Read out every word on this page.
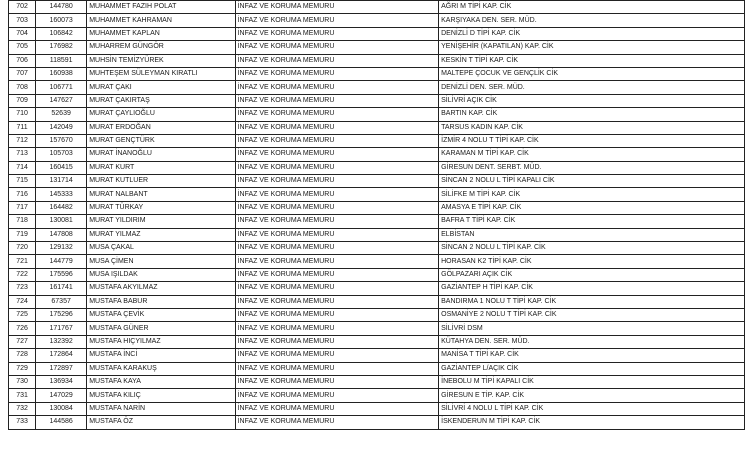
702	144780	MUHAMMET FAZIH POLAT	İNFAZ VE KORUMA MEMURU	AĞRI M TİPİ KAP. CİK
703	160073	MUHAMMET KAHRAMAN	İNFAZ VE KORUMA MEMURU	KARŞIYAKA DEN. SER. MÜD.
704	106842	MUHAMMET KAPLAN	İNFAZ VE KORUMA MEMURU	DENİZLİ D TİPİ KAP. CİK
705	176982	MUHARREM GÜNGÖR	İNFAZ VE KORUMA MEMURU	YENİŞEHİR (KAPATILAN) KAP. CİK
706	118591	MUHSİN TEMİZYÜREK	İNFAZ VE KORUMA MEMURU	KESKİN T TİPİ KAP. CİK
707	160938	MUHTEŞEM SÜLEYMAN KIRATLI	İNFAZ VE KORUMA MEMURU	MALTEPE ÇOCUK VE GENÇLİK CİK
708	106771	MURAT ÇAKI	İNFAZ VE KORUMA MEMURU	DENİZLİ DEN. SER. MÜD.
709	147627	MURAT ÇAKIRTAŞ	İNFAZ VE KORUMA MEMURU	SİLİVRİ AÇIK CİK
710	52639	MURAT ÇAYLIOĞLU	İNFAZ VE KORUMA MEMURU	BARTIN KAP. CİK
711	142049	MURAT ERDOĞAN	İNFAZ VE KORUMA MEMURU	TARSUS KADIN KAP. CİK
712	157670	MURAT GENÇTÜRK	İNFAZ VE KORUMA MEMURU	İZMİR 4 NOLU T TİPİ KAP. CİK
713	105703	MURAT İNANOĞLU	İNFAZ VE KORUMA MEMURU	KARAMAN M TİPİ KAP. CİK
714	160415	MURAT KURT	İNFAZ VE KORUMA MEMURU	GİRESUN DENT. SERBT. MÜD.
715	131714	MURAT KUTLUER	İNFAZ VE KORUMA MEMURU	SİNCAN 2 NOLU L TİPİ KAPALI CİK
716	145333	MURAT NALBANT	İNFAZ VE KORUMA MEMURU	SİLİFKE M TİPİ KAP. CİK
717	164482	MURAT TÜRKAY	İNFAZ VE KORUMA MEMURU	AMASYA E TİPİ KAP. CİK
718	130081	MURAT YILDIRIM	İNFAZ VE KORUMA MEMURU	BAFRA T TİPİ KAP. CİK
719	147808	MURAT YILMAZ	İNFAZ VE KORUMA MEMURU	ELBİSTAN
720	129132	MUSA ÇAKAL	İNFAZ VE KORUMA MEMURU	SİNCAN 2 NOLU L TİPİ KAP. CİK
721	144779	MUSA ÇİMEN	İNFAZ VE KORUMA MEMURU	HORASAN K2 TİPİ KAP. CİK
722	175596	MUSA IŞILDAK	İNFAZ VE KORUMA MEMURU	GÖLPAZARI AÇIK CİK
723	161741	MUSTAFA AKYILMAZ	İNFAZ VE KORUMA MEMURU	GAZİANTEP H TİPİ KAP. CİK
724	67357	MUSTAFA BABUR	İNFAZ VE KORUMA MEMURU	BANDIRMA 1 NOLU T TİPİ KAP. CİK
725	175296	MUSTAFA ÇEVİK	İNFAZ VE KORUMA MEMURU	OSMANİYE 2 NOLU T TİPİ KAP. CİK
726	171767	MUSTAFA GÜNER	İNFAZ VE KORUMA MEMURU	SİLİVRİ DSM
727	132392	MUSTAFA HIÇYILMAZ	İNFAZ VE KORUMA MEMURU	KÜTAHYA DEN. SER. MÜD.
728	172864	MUSTAFA İNCİ	İNFAZ VE KORUMA MEMURU	MANİSA T TİPİ KAP. CİK
729	172897	MUSTAFA KARAKUŞ	İNFAZ VE KORUMA MEMURU	GAZİANTEP L/AÇIK CİK
730	136934	MUSTAFA KAYA	İNFAZ VE KORUMA MEMURU	İNEBOLU M TİPİ KAPALI CİK
731	147029	MUSTAFA KILIÇ	İNFAZ VE KORUMA MEMURU	GİRESUN E TİP. KAP. CİK
732	130084	MUSTAFA NARİN	İNFAZ VE KORUMA MEMURU	SİLİVRİ 4 NOLU L TİPİ KAP. CİK
733	144586	MUSTAFA ÖZ	İNFAZ VE KORUMA MEMURU	İSKENDERUN M TİPİ KAP. CİK
